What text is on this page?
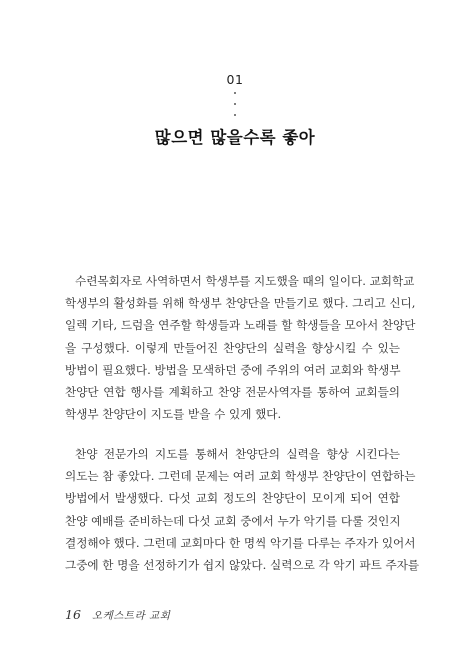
01
많으면 많을수록 좋아
수련목회자로 사역하면서 학생부를 지도했을 때의 일이다. 교회학교
학생부의 활성화를 위해 학생부 찬양단을 만들기로 했다. 그리고 신디,
일렉 기타, 드럼을 연주할 학생들과 노래를 할 학생들을 모아서 찬양단
을 구성했다. 이렇게 만들어진 찬양단의 실력을 향상시킬 수 있는
방법이 필요했다. 방법을 모색하던 중에 주위의 여러 교회와 학생부
찬양단 연합 행사를 계획하고 찬양 전문사역자를 통하여 교회들의
학생부 찬양단이 지도를 받을 수 있게 했다.
찬양 전문가의 지도를 통해서 찬양단의 실력을 향상 시킨다는
의도는 참 좋았다. 그런데 문제는 여러 교회 학생부 찬양단이 연합하는
방법에서 발생했다. 다섯 교회 정도의 찬양단이 모이게 되어 연합
찬양 예배를 준비하는데 다섯 교회 중에서 누가 악기를 다룰 것인지
결정해야 했다. 그런데 교회마다 한 명씩 악기를 다루는 주자가 있어서
그중에 한 명을 선정하기가 쉽지 않았다. 실력으로 각 악기 파트 주자를
16 오케스트라 교회
